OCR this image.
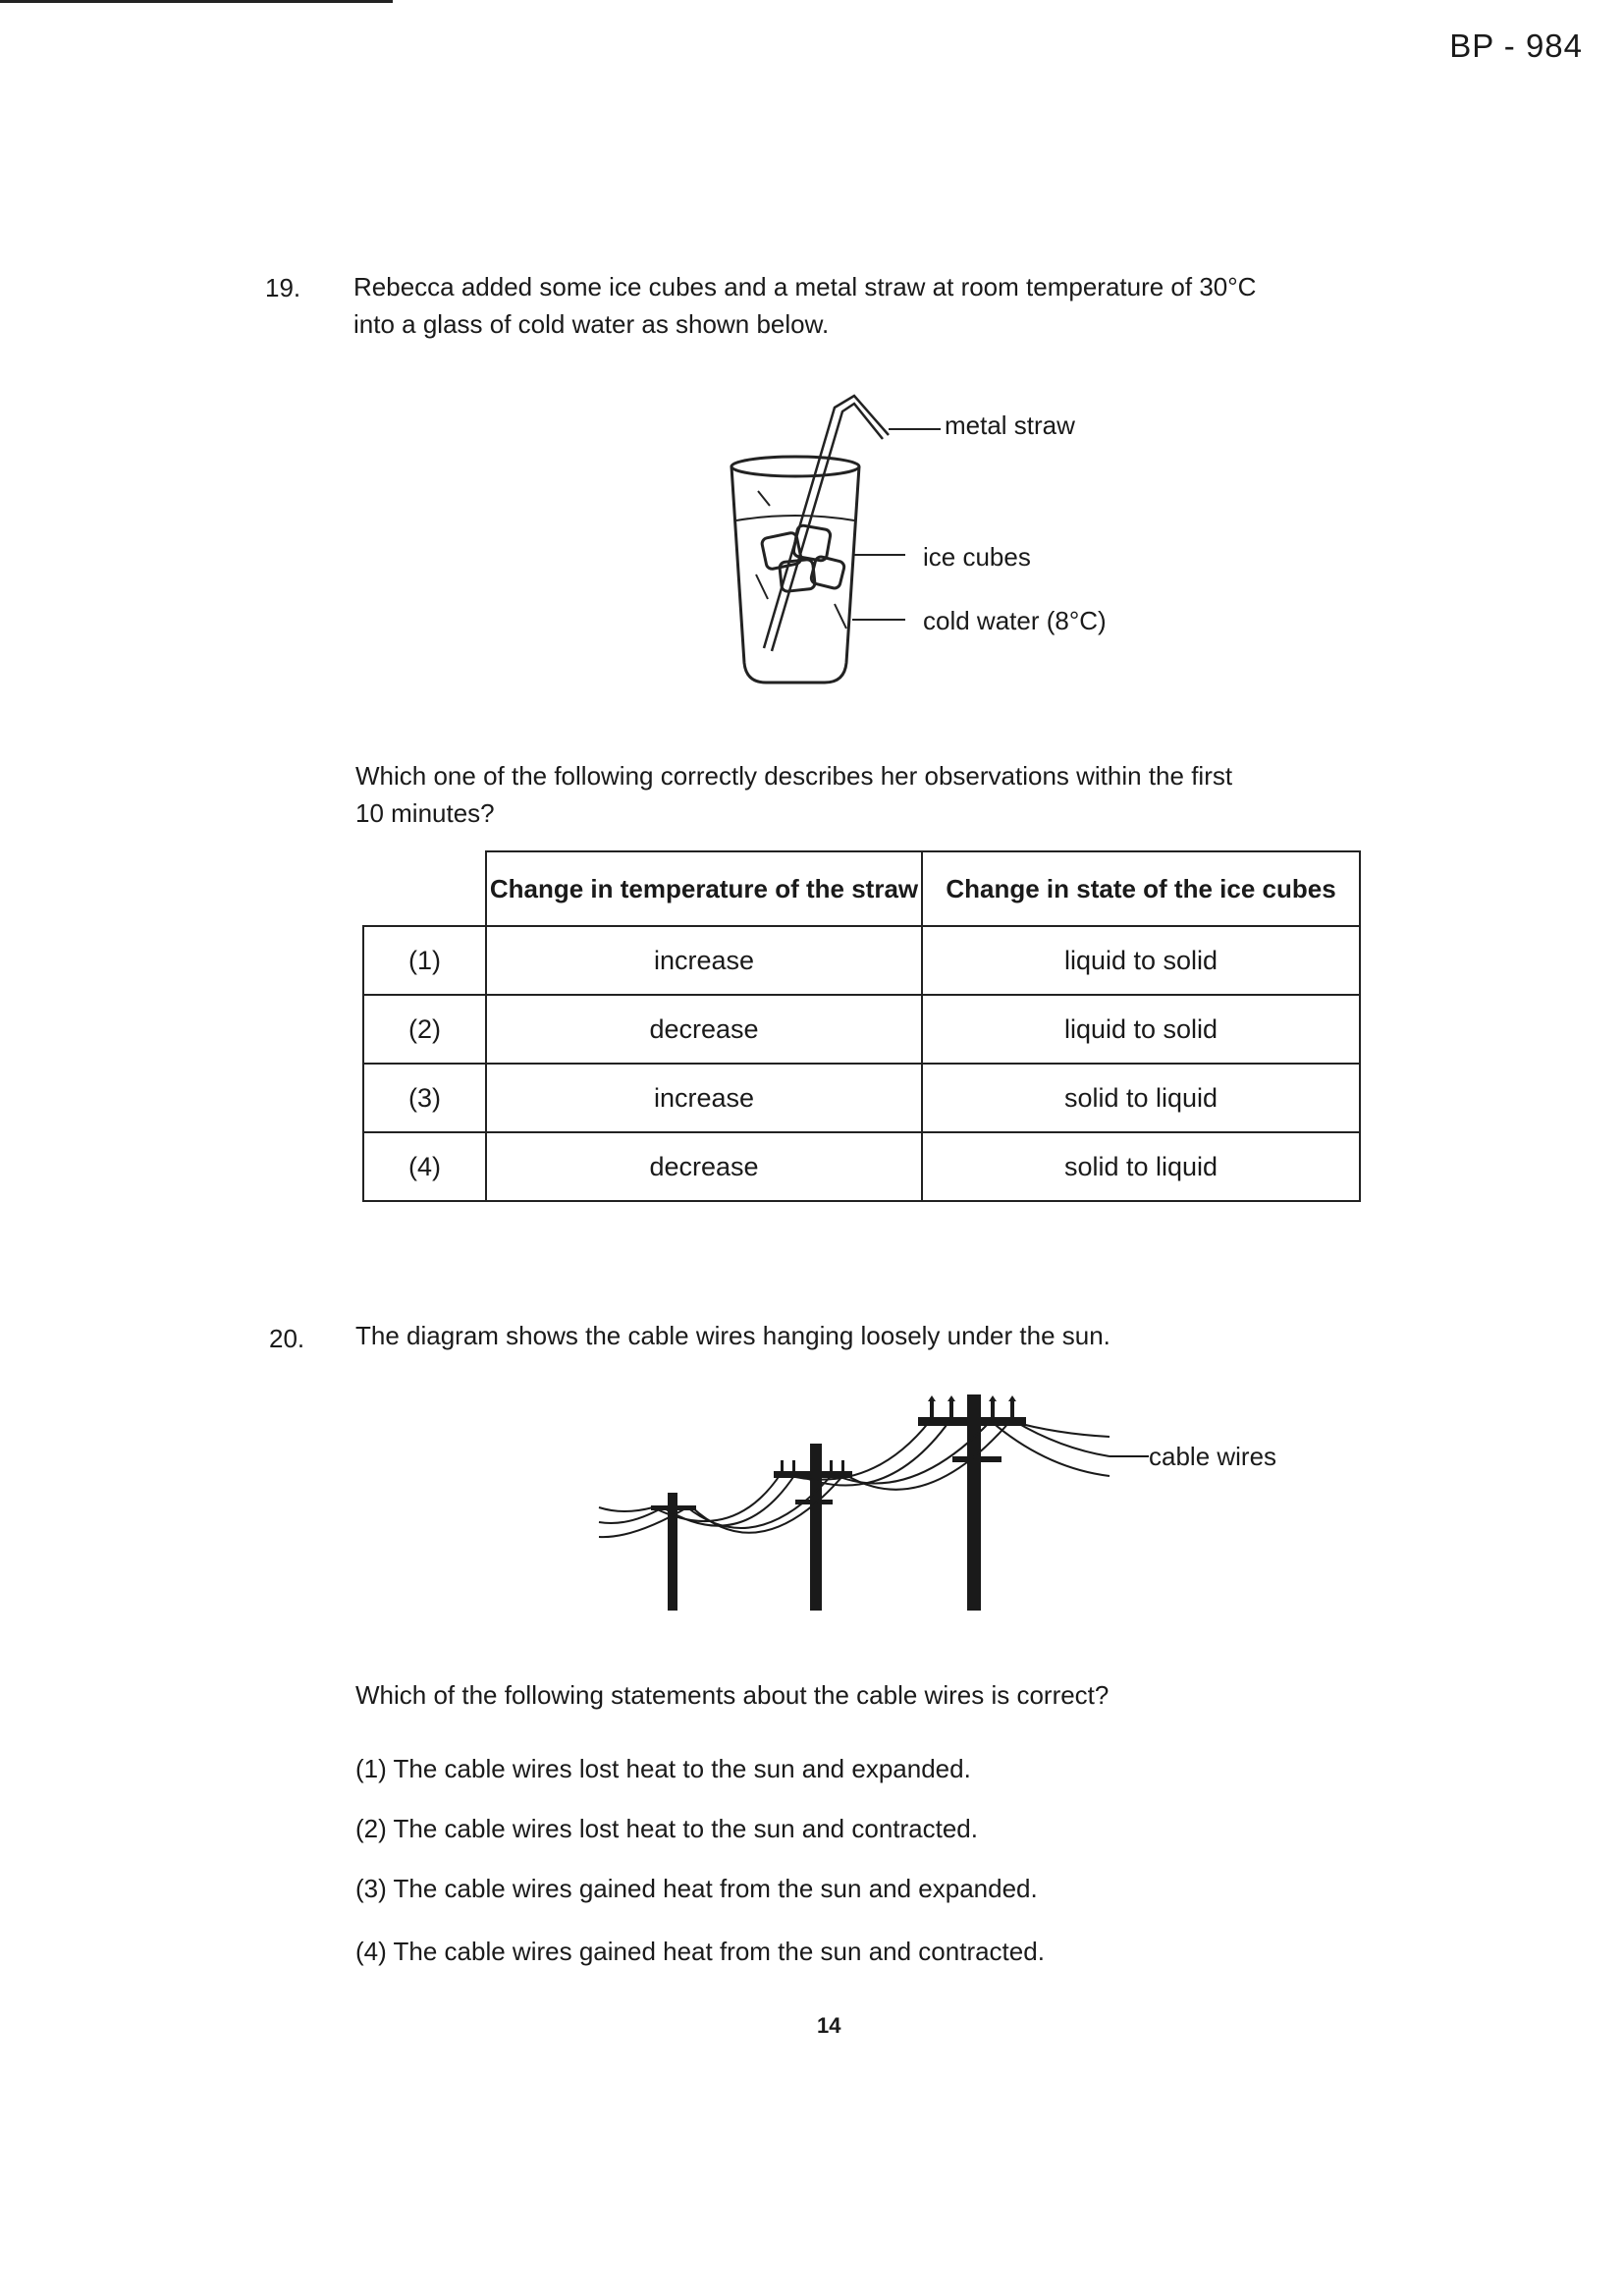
BP - 984
19. Rebecca added some ice cubes and a metal straw at room temperature of 30°C
into a glass of cold water as shown below.
metal straw
ice cubes
cold water (8°C)
Which one of the following correctly describes her observations within the first
10 minutes?
	Change in temperature of the straw	Change in state of the ice cubes
(1)	increase	liquid to solid
(2)	decrease	liquid to solid
(3)	increase	solid to liquid
(4)	decrease	solid to liquid
20. The diagram shows the cable wires hanging loosely under the sun.
cable wires
Which of the following statements about the cable wires is correct?
(1) The cable wires lost heat to the sun and expanded.
(2) The cable wires lost heat to the sun and contracted.
(3) The cable wires gained heat from the sun and expanded.
(4) The cable wires gained heat from the sun and contracted.
14
